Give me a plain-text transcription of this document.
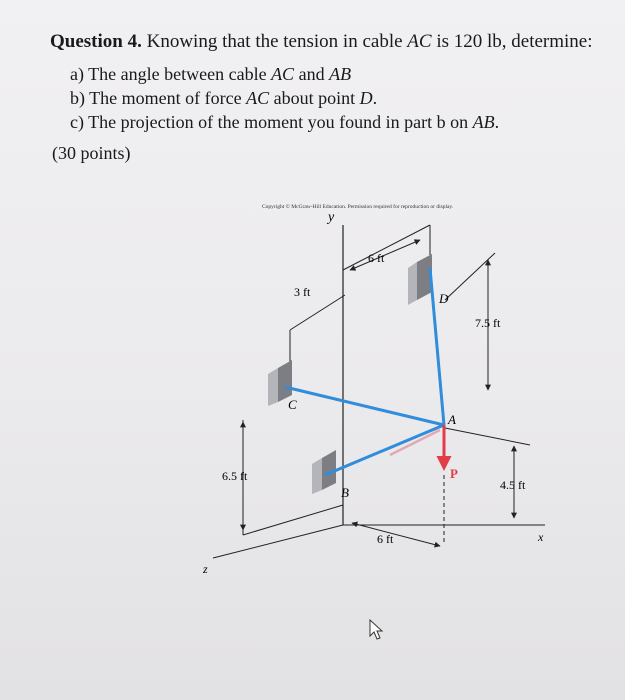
Question 4. Knowing that the tension in cable AC is 120 lb, determine:
a) The angle between cable AC and AB
b) The moment of force AC about point D.
c) The projection of the moment you found in part b on AB.
(30 points)
Copyright © McGraw-Hill Education. Permission required for reproduction or display.
y
x
z
6 ft
3 ft
7.5 ft
6.5 ft
4.5 ft
6 ft
D
C
A
B
P
